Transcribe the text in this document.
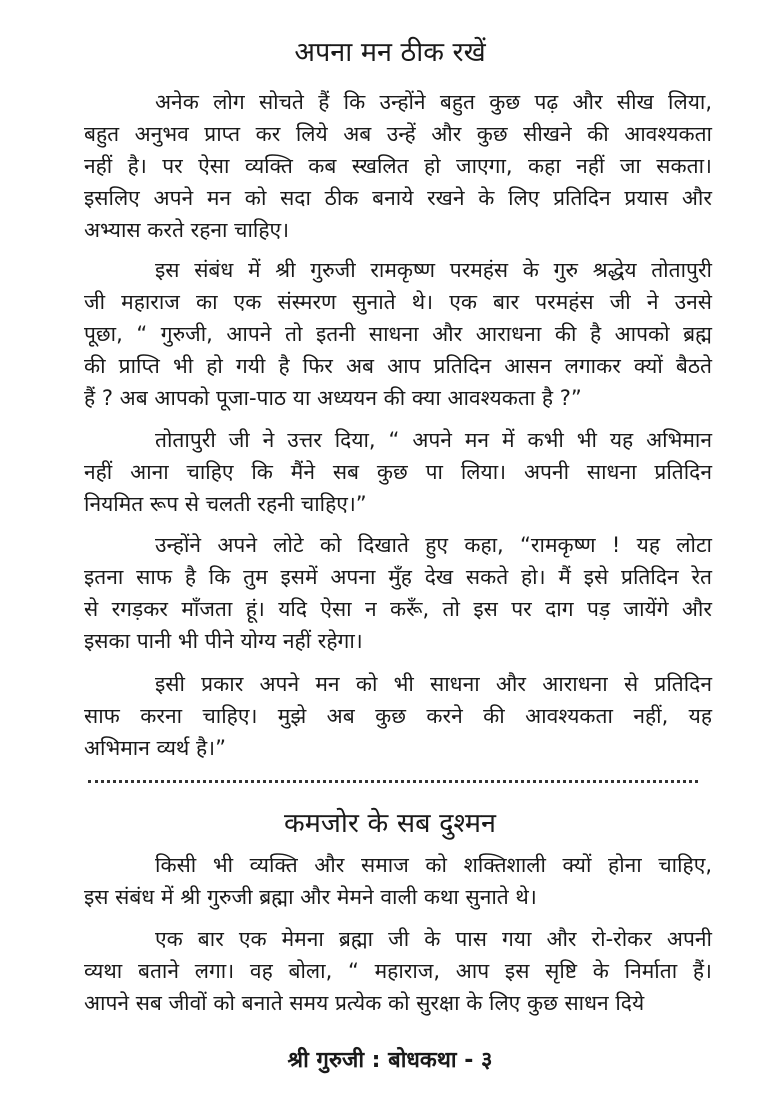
अपना मन ठीक रखें
अनेक लोग सोचते हैं कि उन्होंने बहुत कुछ पढ़ और सीख लिया,
बहुत अनुभव प्राप्त कर लिये अब उन्हें और कुछ सीखने की आवश्यकता
नहीं है। पर ऐसा व्यक्ति कब स्खलित हो जाएगा, कहा नहीं जा सकता।
इसलिए अपने मन को सदा ठीक बनाये रखने के लिए प्रतिदिन प्रयास और
अभ्यास करते रहना चाहिए।
इस संबंध में श्री गुरुजी रामकृष्ण परमहंस के गुरु श्रद्धेय तोतापुरी
जी महाराज का एक संस्मरण सुनाते थे। एक बार परमहंस जी ने उनसे
पूछा, “ गुरुजी, आपने तो इतनी साधना और आराधना की है आपको ब्रह्म
की प्राप्ति भी हो गयी है फिर अब आप प्रतिदिन आसन लगाकर क्यों बैठते
हैं ? अब आपको पूजा-पाठ या अध्ययन की क्या आवश्यकता है ?”
तोतापुरी जी ने उत्तर दिया, “ अपने मन में कभी भी यह अभिमान
नहीं आना चाहिए कि मैंने सब कुछ पा लिया। अपनी साधना प्रतिदिन
नियमित रूप से चलती रहनी चाहिए।”
उन्होंने अपने लोटे को दिखाते हुए कहा, “रामकृष्ण ! यह लोटा
इतना साफ है कि तुम इसमें अपना मुँह देख सकते हो। मैं इसे प्रतिदिन रेत
से रगड़कर माँजता हूं। यदि ऐसा न करूँ, तो इस पर दाग पड़ जायेंगे और
इसका पानी भी पीने योग्य नहीं रहेगा।
इसी प्रकार अपने मन को भी साधना और आराधना से प्रतिदिन
साफ करना चाहिए। मुझे अब कुछ करने की आवश्यकता नहीं, यह
अभिमान व्यर्थ है।”
कमजोर के सब दुश्मन
किसी भी व्यक्ति और समाज को शक्तिशाली क्यों होना चाहिए,
इस संबंध में श्री गुरुजी ब्रह्मा और मेमने वाली कथा सुनाते थे।
एक बार एक मेमना ब्रह्मा जी के पास गया और रो-रोकर अपनी
व्यथा बताने लगा। वह बोला, “ महाराज, आप इस सृष्टि के निर्माता हैं।
आपने सब जीवों को बनाते समय प्रत्येक को सुरक्षा के लिए कुछ साधन दिये
श्री गुरुजी : बोधकथा - ३
